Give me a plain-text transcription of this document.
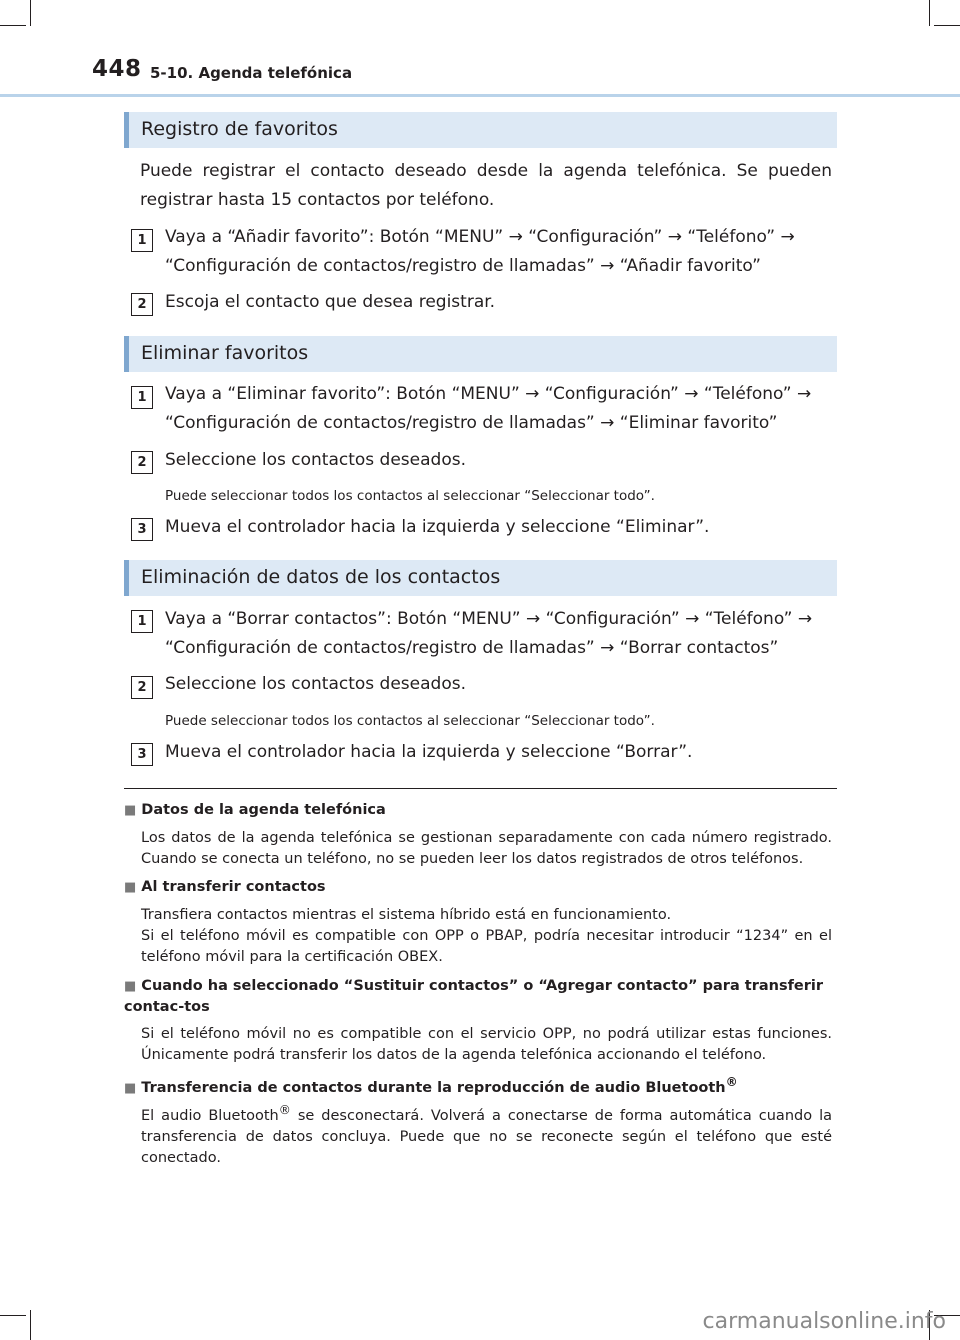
448 5-10. Agenda telefónica
Registro de favoritos
Puede registrar el contacto deseado desde la agenda telefónica. Se pueden registrar hasta 15 contactos por teléfono.
1	Vaya a “Añadir favorito”: Botón “MENU” → “Configuración” → “Teléfono” → “Configuración de contactos/registro de llamadas” → “Añadir favorito”
2	Escoja el contacto que desea registrar.
Eliminar favoritos
1	Vaya a “Eliminar favorito”: Botón “MENU” → “Configuración” → “Teléfono” → “Configuración de contactos/registro de llamadas” → “Eliminar favorito”
2	Seleccione los contactos deseados.
Puede seleccionar todos los contactos al seleccionar “Seleccionar todo”.
3	Mueva el controlador hacia la izquierda y seleccione “Eliminar”.
Eliminación de datos de los contactos
1	Vaya a “Borrar contactos”: Botón “MENU” → “Configuración” → “Teléfono” → “Configuración de contactos/registro de llamadas” → “Borrar contactos”
2	Seleccione los contactos deseados.
Puede seleccionar todos los contactos al seleccionar “Seleccionar todo”.
3	Mueva el controlador hacia la izquierda y seleccione “Borrar”.
■ Datos de la agenda telefónica
Los datos de la agenda telefónica se gestionan separadamente con cada número registrado. Cuando se conecta un teléfono, no se pueden leer los datos registrados de otros teléfonos.
■ Al transferir contactos
Transfiera contactos mientras el sistema híbrido está en funcionamiento.
Si el teléfono móvil es compatible con OPP o PBAP, podría necesitar introducir “1234” en el teléfono móvil para la certificación OBEX.
■ Cuando ha seleccionado “Sustituir contactos” o “Agregar contacto” para transferir contac-tos
Si el teléfono móvil no es compatible con el servicio OPP, no podrá utilizar estas funciones. Únicamente podrá transferir los datos de la agenda telefónica accionando el teléfono.
■ Transferencia de contactos durante la reproducción de audio Bluetooth®
El audio Bluetooth® se desconectará. Volverá a conectarse de forma automática cuando la transferencia de datos concluya. Puede que no se reconecte según el teléfono que esté conectado.
carmanualsonline.info
